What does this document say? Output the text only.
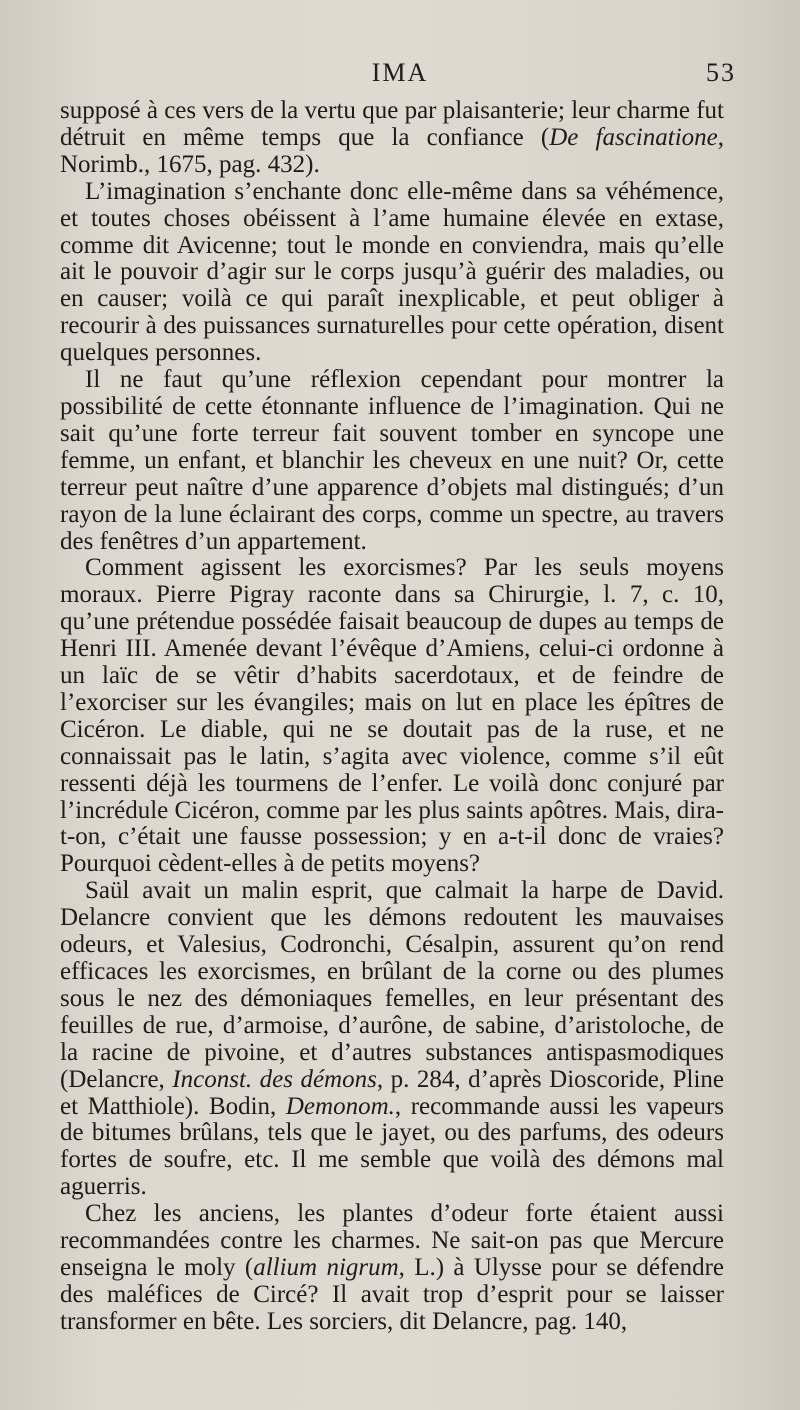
IMA	53

supposé à ces vers de la vertu que par plaisanterie; leur charme fut détruit en même temps que la confiance (De fascinatione, Norimb., 1675, pag. 432).

L’imagination s’enchante donc elle-même dans sa véhémence, et toutes choses obéissent à l’ame humaine élevée en extase, comme dit Avicenne; tout le monde en conviendra, mais qu’elle ait le pouvoir d’agir sur le corps jusqu’à guérir des maladies, ou en causer; voilà ce qui paraît inexplicable, et peut obliger à recourir à des puissances surnaturelles pour cette opération, disent quelques personnes.

Il ne faut qu’une réflexion cependant pour montrer la possibilité de cette étonnante influence de l’imagination. Qui ne sait qu’une forte terreur fait souvent tomber en syncope une femme, un enfant, et blanchir les cheveux en une nuit? Or, cette terreur peut naître d’une apparence d’objets mal distingués; d’un rayon de la lune éclairant des corps, comme un spectre, au travers des fenêtres d’un appartement.

Comment agissent les exorcismes? Par les seuls moyens moraux. Pierre Pigray raconte dans sa Chirurgie, l. 7, c. 10, qu’une prétendue possédée faisait beaucoup de dupes au temps de Henri III. Amenée devant l’évêque d’Amiens, celui-ci ordonne à un laïc de se vêtir d’habits sacerdotaux, et de feindre de l’exorciser sur les évangiles; mais on lut en place les épîtres de Cicéron. Le diable, qui ne se doutait pas de la ruse, et ne connaissait pas le latin, s’agita avec violence, comme s’il eût ressenti déjà les tourmens de l’enfer. Le voilà donc conjuré par l’incrédule Cicéron, comme par les plus saints apôtres. Mais, dira-t-on, c’était une fausse possession; y en a-t-il donc de vraies? Pourquoi cèdent-elles à de petits moyens?

Saül avait un malin esprit, que calmait la harpe de David. Delancre convient que les démons redoutent les mauvaises odeurs, et Valesius, Codronchi, Césalpin, assurent qu’on rend efficaces les exorcismes, en brûlant de la corne ou des plumes sous le nez des démoniaques femelles, en leur présentant des feuilles de rue, d’armoise, d’aurône, de sabine, d’aristoloche, de la racine de pivoine, et d’autres substances antispasmodiques (Delancre, Inconst. des démons, p. 284, d’après Dioscoride, Pline et Matthiole). Bodin, Demonom., recommande aussi les vapeurs de bitumes brûlans, tels que le jayet, ou des parfums, des odeurs fortes de soufre, etc. Il me semble que voilà des démons mal aguerris.

Chez les anciens, les plantes d’odeur forte étaient aussi recommandées contre les charmes. Ne sait-on pas que Mercure enseigna le moly (allium nigrum, L.) à Ulysse pour se défendre des maléfices de Circé? Il avait trop d’esprit pour se laisser transformer en bête. Les sorciers, dit Delancre, pag. 140,
